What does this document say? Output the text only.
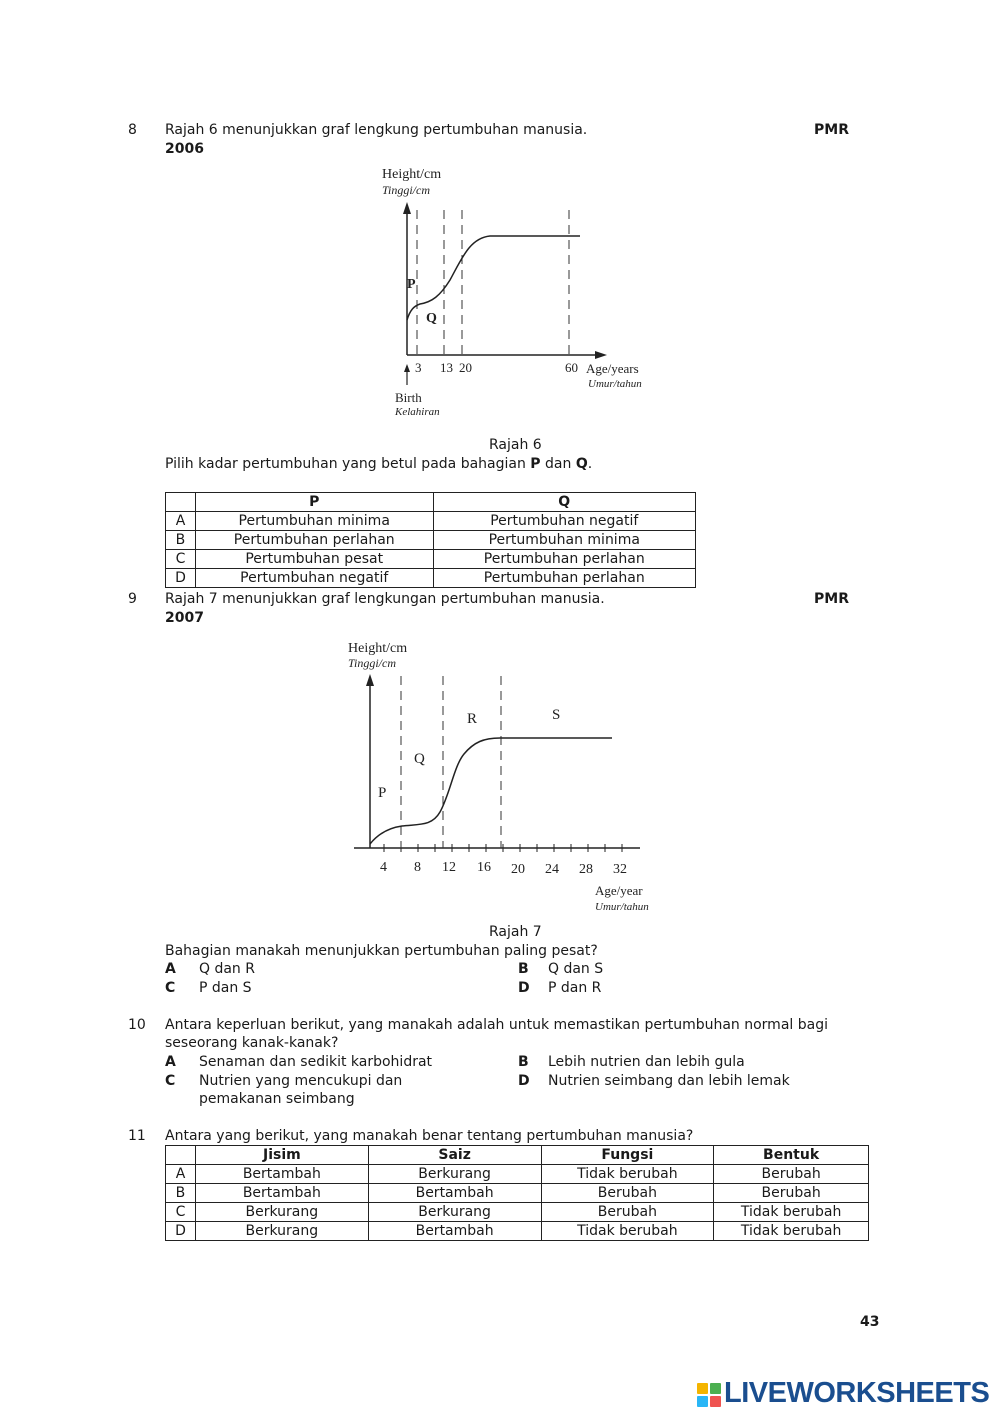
8 Rajah 6 menunjukkan graf lengkung pertumbuhan manusia.	PMR
2006
Height/cm
Tinggi/cm
P
Q
3 13 20	60 Age/years
Umur/tahun
Birth
Kelahiran
Rajah 6
Pilih kadar pertumbuhan yang betul pada bahagian P dan Q.
	P	Q
A	Pertumbuhan minima	Pertumbuhan negatif
B	Pertumbuhan perlahan	Pertumbuhan minima
C	Pertumbuhan pesat	Pertumbuhan perlahan
D	Pertumbuhan negatif	Pertumbuhan perlahan
9 Rajah 7 menunjukkan graf lengkungan pertumbuhan manusia.	PMR
2007
Height/cm
Tinggi/cm
P
Q
R	S
4 8 12 16 20 24 28 32
Age/year
Umur/tahun
Rajah 7
Bahagian manakah menunjukkan pertumbuhan paling pesat?
A Q dan R	B Q dan S
C P dan S	D P dan R
10 Antara keperluan berikut, yang manakah adalah untuk memastikan pertumbuhan normal bagi
seseorang kanak-kanak?
A Senaman dan sedikit karbohidrat	B Lebih nutrien dan lebih gula
C Nutrien yang mencukupi dan
pemakanan seimbang
D Nutrien seimbang dan lebih lemak
11 Antara yang berikut, yang manakah benar tentang pertumbuhan manusia?
	Jisim	Saiz	Fungsi	Bentuk
A	Bertambah	Berkurang	Tidak berubah	Berubah
B	Bertambah	Bertambah	Berubah	Berubah
C	Berkurang	Berkurang	Berubah	Tidak berubah
D	Berkurang	Bertambah	Tidak berubah	Tidak berubah
43
LIVEWORKSHEETS
